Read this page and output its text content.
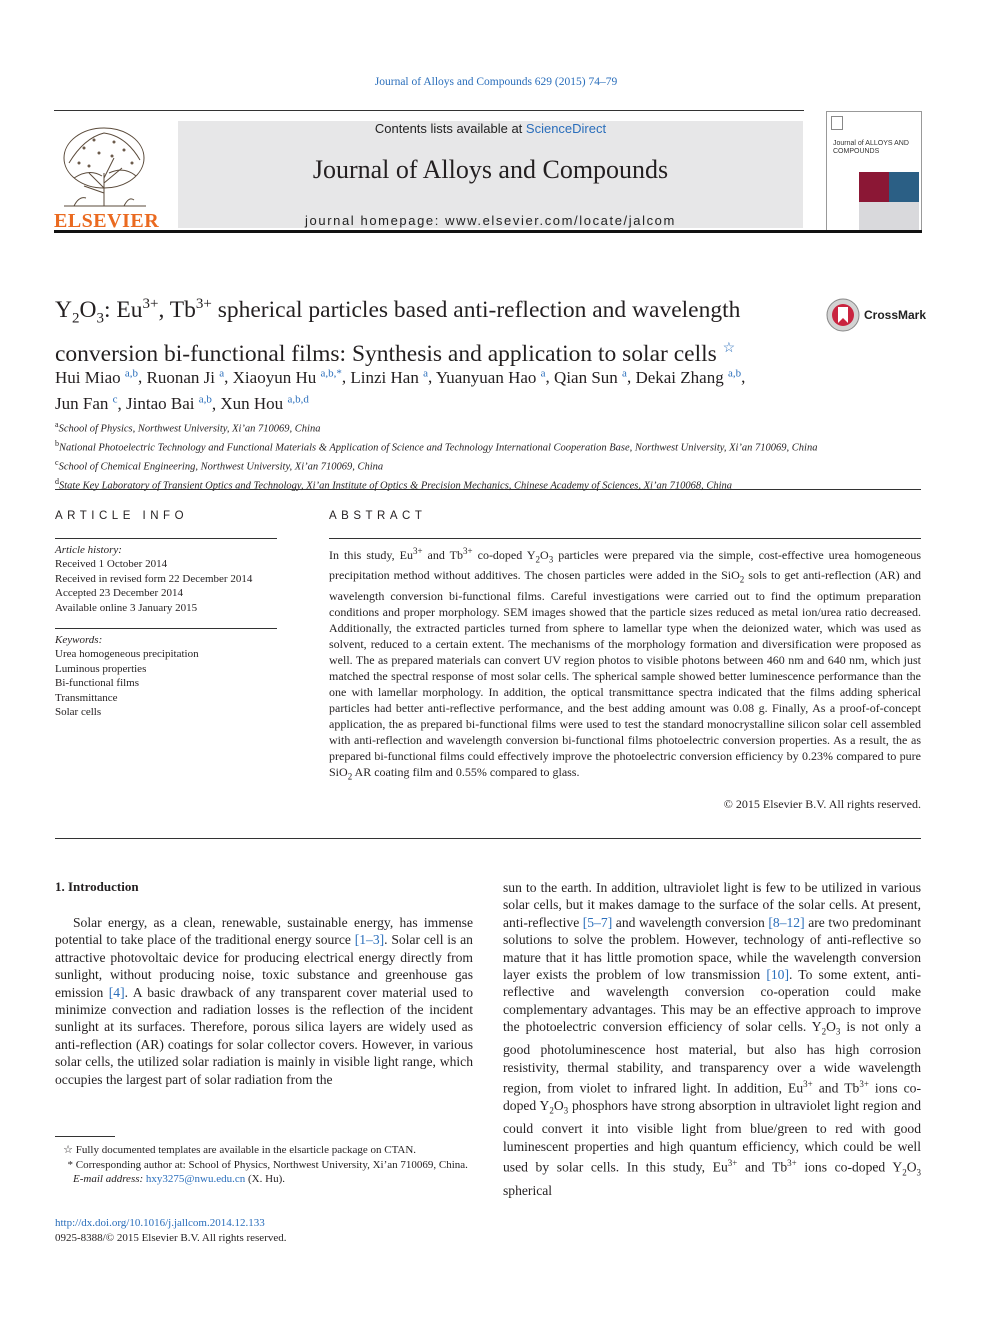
Journal of Alloys and Compounds 629 (2015) 74–79
ELSEVIER
Contents lists available at ScienceDirect
Journal of Alloys and Compounds
journal homepage: www.elsevier.com/locate/jalcom
Journal of ALLOYS AND COMPOUNDS
$Y_2O_3$: $Eu^{3+}$, $Tb^{3+}$ spherical particles based anti-reflection and wavelength
conversion bi-functional films: Synthesis and application to solar cells ☆
CrossMark
Hui Miao $^{a,b}$, Ruonan Ji $^a$, Xiaoyun Hu $^{a,b,*}$, Linzi Han $^a$, Yuanyuan Hao $^a$, Qian Sun $^a$, Dekai Zhang $^{a,b}$,
Jun Fan $^c$, Jintao Bai $^{a,b}$, Xun Hou $^{a,b,d}$
$^a$School of Physics, Northwest University, Xi’an 710069, China
$^b$National Photoelectric Technology and Functional Materials & Application of Science and Technology International Cooperation Base, Northwest University, Xi’an 710069, China
$^c$School of Chemical Engineering, Northwest University, Xi’an 710069, China
$^d$State Key Laboratory of Transient Optics and Technology, Xi’an Institute of Optics & Precision Mechanics, Chinese Academy of Sciences, Xi’an 710068, China
ARTICLE INFO
Article history:
Received 1 October 2014
Received in revised form 22 December 2014
Accepted 23 December 2014
Available online 3 January 2015
Keywords:
Urea homogeneous precipitation
Luminous properties
Bi-functional films
Transmittance
Solar cells
ABSTRACT
In this study, $Eu^{3+}$ and $Tb^{3+}$ co-doped $Y_2O_3$ particles were prepared via the simple, cost-effective urea homogeneous precipitation method without additives. The chosen particles were added in the SiO$_2$ sols to get anti-reflection (AR) and wavelength conversion bi-functional films. Careful investigations were carried out to find the optimum preparation conditions and proper morphology. SEM images showed that the particle sizes reduced as metal ion/urea ratio decreased. Additionally, the extracted particles turned from sphere to lamellar type when the deionized water, which was used as solvent, reduced to a certain extent. The mechanisms of the morphology formation and diversification were proposed as well. The as prepared materials can convert UV region photos to visible photons between 460 nm and 640 nm, which just matched the spectral response of most solar cells. The spherical sample showed better luminescence performance than the one with lamellar morphology. In addition, the optical transmittance spectra indicated that the films adding spherical particles had better anti-reflective performance, and the best adding amount was 0.08 g. Finally, As a proof-of-concept application, the as prepared bi-functional films were used to test the standard monocrystalline silicon solar cell assembled with anti-reflection and wavelength conversion bi-functional films photoelectric conversion properties. As a result, the as prepared bi-functional films could effectively improve the photoelectric conversion efficiency by 0.23% compared to pure SiO$_2$ AR coating film and 0.55% compared to glass.
© 2015 Elsevier B.V. All rights reserved.
1. Introduction
Solar energy, as a clean, renewable, sustainable energy, has immense potential to take place of the traditional energy source [1–3]. Solar cell is an attractive photovoltaic device for producing electrical energy directly from sunlight, without producing noise, toxic substance and greenhouse gas emission [4]. A basic drawback of any transparent cover material used to minimize convection and radiation losses is the reflection of the incident sunlight at its surfaces. Therefore, porous silica layers are widely used as anti-reflection (AR) coatings for solar collector covers. However, in various solar cells, the utilized solar radiation is mainly in visible light range, which occupies the largest part of solar radiation from the
sun to the earth. In addition, ultraviolet light is few to be utilized in various solar cells, but it makes damage to the surface of the solar cells. At present, anti-reflective [5–7] and wavelength conversion [8–12] are two predominant solutions to solve the problem. However, technology of anti-reflective so mature that it has little promotion space, while the wavelength conversion layer exists the problem of low transmission [10]. To some extent, anti-reflective and wavelength conversion co-operation could make complementary advantages. This may be an effective approach to improve the photoelectric conversion efficiency of solar cells. $Y_2O_3$ is not only a good photoluminescence host material, but also has high corrosion resistivity, thermal stability, and transparency over a wide wavelength region, from violet to infrared light. In addition, $Eu^{3+}$ and $Tb^{3+}$ ions co-doped $Y_2O_3$ phosphors have strong absorption in ultraviolet light region and could convert it into visible light from blue/green to red with good luminescent properties and high quantum efficiency, which could be well used by solar cells. In this study, $Eu^{3+}$ and $Tb^{3+}$ ions co-doped $Y_2O_3$ spherical
☆ Fully documented templates are available in the elsarticle package on CTAN.
* Corresponding author at: School of Physics, Northwest University, Xi’an 710069, China.
E-mail address: hxy3275@nwu.edu.cn (X. Hu).
http://dx.doi.org/10.1016/j.jallcom.2014.12.133
0925-8388/© 2015 Elsevier B.V. All rights reserved.
